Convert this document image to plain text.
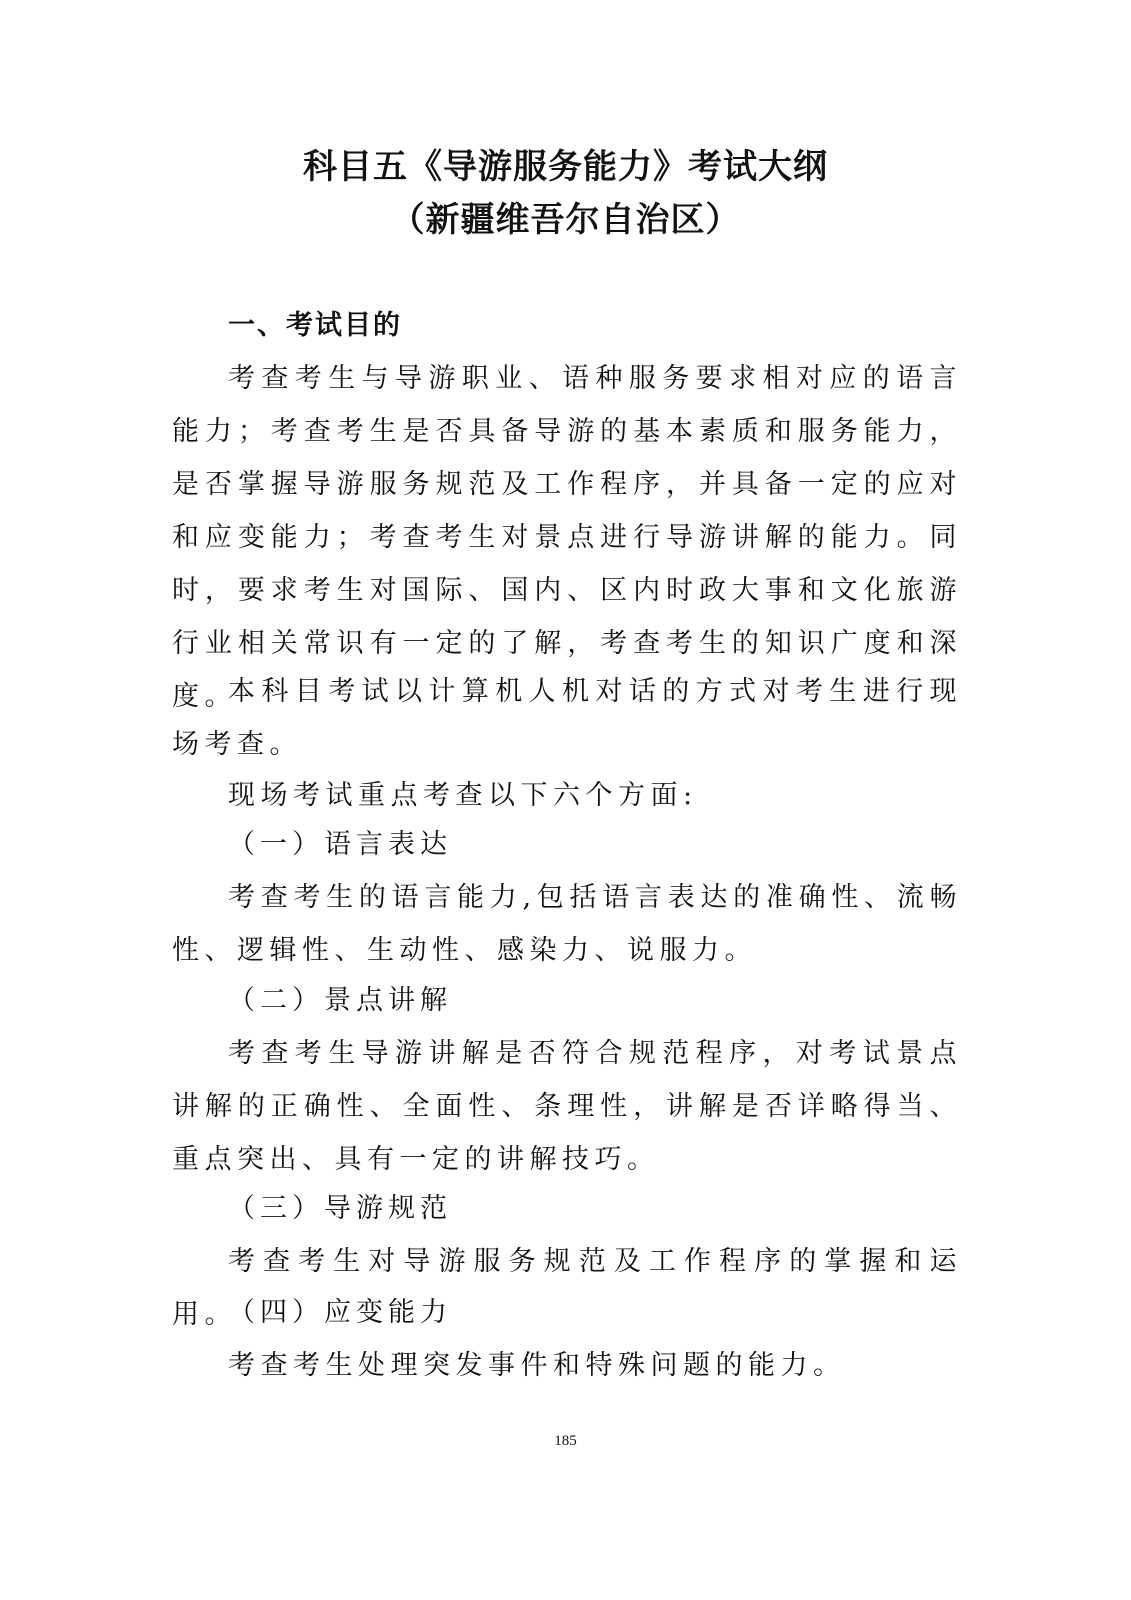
科目五《导游服务能力》考试大纲
（新疆维吾尔自治区）
一、考试目的
考查考生与导游职业、语种服务要求相对应的语言能力；考查考生是否具备导游的基本素质和服务能力，是否掌握导游服务规范及工作程序，并具备一定的应对和应变能力；考查考生对景点进行导游讲解的能力。同时，要求考生对国际、国内、区内时政大事和文化旅游行业相关常识有一定的了解，考查考生的知识广度和深度。
本科目考试以计算机人机对话的方式对考生进行现场考查。
现场考试重点考查以下六个方面:
（一）语言表达
考查考生的语言能力,包括语言表达的准确性、流畅性、逻辑性、生动性、感染力、说服力。
（二）景点讲解
考查考生导游讲解是否符合规范程序，对考试景点讲解的正确性、全面性、条理性，讲解是否详略得当、重点突出、具有一定的讲解技巧。
（三）导游规范
考查考生对导游服务规范及工作程序的掌握和运用。
（四）应变能力
考查考生处理突发事件和特殊问题的能力。
185
